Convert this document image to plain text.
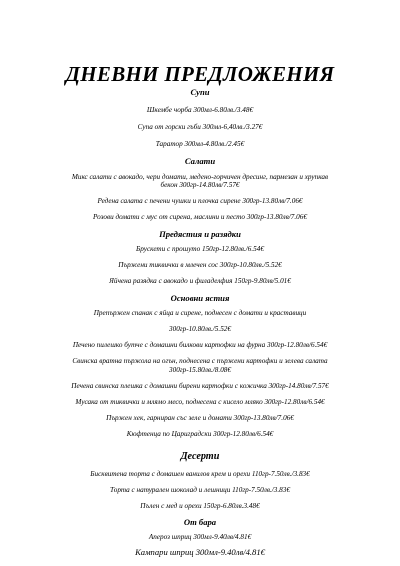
ДНЕВНИ ПРЕДЛОЖЕНИЯ
Супи
Шкембе чорба 300мл-6.80лв./3.48€
Супа от горски гъби 300мл-6,40лв./3.27€
Таратор 300мл-4.80лв./2.45€
Салати
Микс салати с авокадо, чери домати, медено-горчичен дресинг, пармезан и хрупкав
бекон 300гр-14.80лв/7.57€
Редена салата с печени чушки и плочка сирене 300гр-13.80лв/7.06€
Розови домати с мус от сирена, маслини и песто 300гр-13.80лв/7.06€
Предястия и разядки
Брускети с прошуто 150гр-12.80лв./6.54€
Пържени тиквички в млечен сос 300гр-10.80лв./5.52€
Яйчена разядка с авокадо и филаделфия 150гр-9.80лв/5.01€
Основни ястия
Препържен спанак с яйца и сирене, поднесен с домати и краставици
300гр-10.80лв./5.52€
Печено пилешко бутче с домашни билкови картофки на фурна 300гр-12.80лв/6.54€
Свинска вратна пържола на огън, поднесена с пържени картофки и зелева салата
300гр-15.80лв./8.08€
Печена свинска плешка с домашни бирени картофки с кожичка 300гр-14.80лв/7.57€
Мусака от тиквички и млямо месо, поднесена с кисело мляко 300гр-12.80лв/6.54€
Пържен хек, гарниран със зеле и домати 300гр-13.80лв/7.06€
Кюфтенца по Цариградски 300гр-12.80лв/6.54€
Десерти
Бисквитена торта с домашен ванилов крем и орехи 110гр-7.50лв./3.83€
Торта с натурален шоколад и лешници 110гр-7.50лв./3.83€
Пълен с мед и орехи 150гр-6.80лв.3.48€
От бара
Апероз шприц 300мл-9.40лв/4.81€
Кампари шприц 300мл-9.40лв/4.81€
